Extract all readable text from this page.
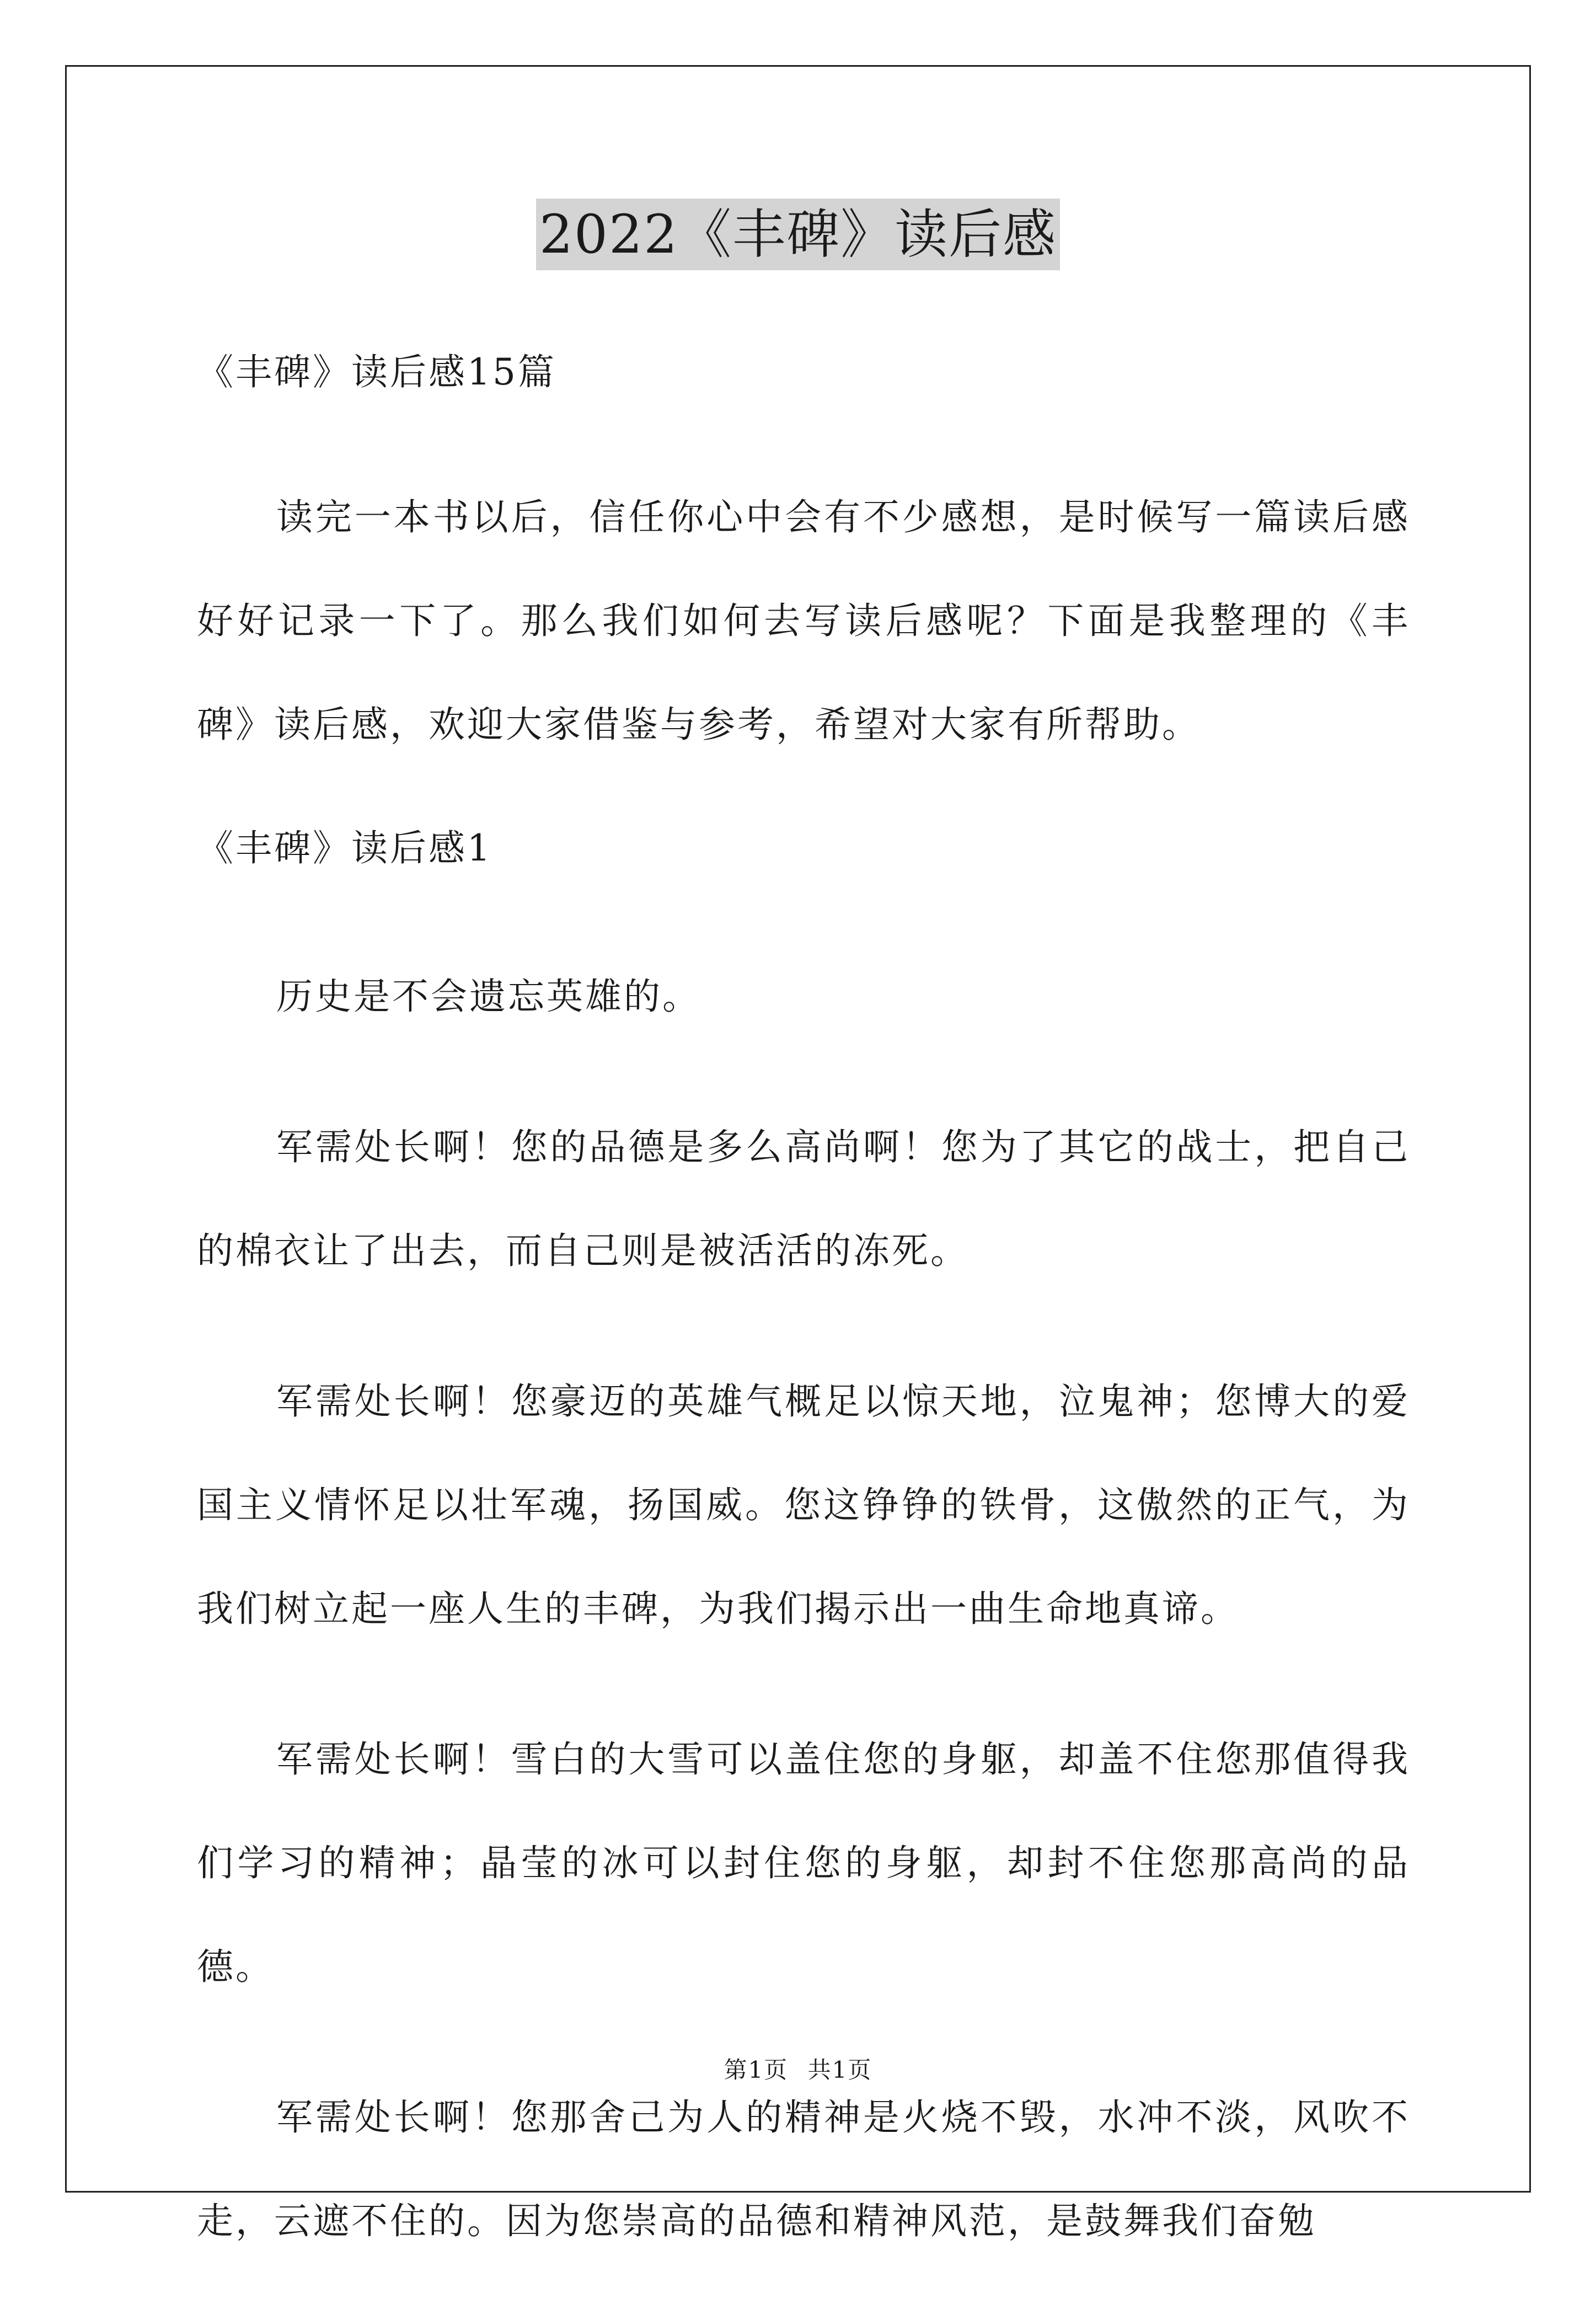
2022《丰碑》读后感

《丰碑》读后感15篇

读完一本书以后，信任你心中会有不少感想，是时候写一篇读后感好好记录一下了。那么我们如何去写读后感呢？下面是我整理的《丰碑》读后感，欢迎大家借鉴与参考，希望对大家有所帮助。

《丰碑》读后感1

历史是不会遗忘英雄的。

军需处长啊！您的品德是多么高尚啊！您为了其它的战士，把自己的棉衣让了出去，而自己则是被活活的冻死。

军需处长啊！您豪迈的英雄气概足以惊天地，泣鬼神；您博大的爱国主义情怀足以壮军魂，扬国威。您这铮铮的铁骨，这傲然的正气，为我们树立起一座人生的丰碑，为我们揭示出一曲生命地真谛。

军需处长啊！雪白的大雪可以盖住您的身躯，却盖不住您那值得我们学习的精神；晶莹的冰可以封住您的身躯，却封不住您那高尚的品德。

军需处长啊！您那舍己为人的精神是火烧不毁，水冲不淡，风吹不走，云遮不住的。因为您崇高的品德和精神风范，是鼓舞我们奋勉

第1页 共1页
